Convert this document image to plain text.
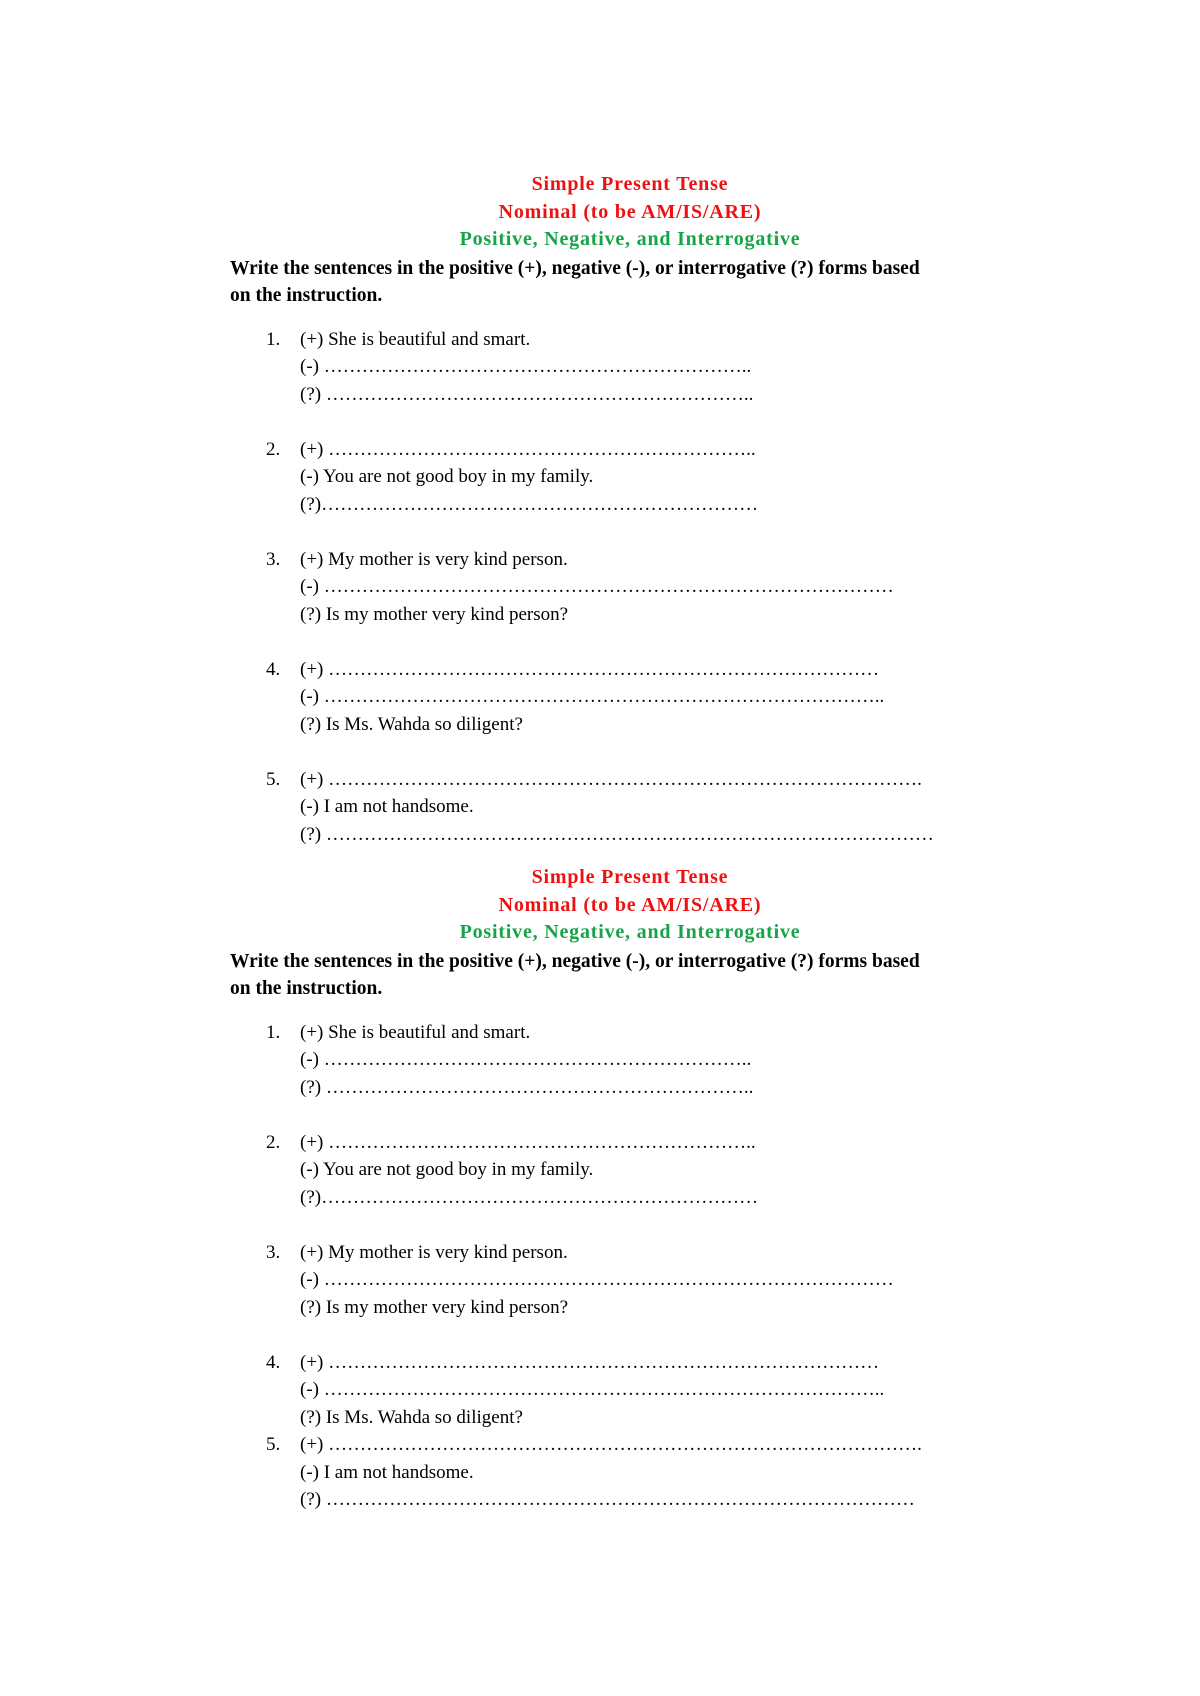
Simple Present Tense
Nominal (to be AM/IS/ARE)
Positive, Negative, and Interrogative
Write the sentences in the positive (+), negative (-), or interrogative (?) forms based
on the instruction.
1. (+) She is beautiful and smart.
(-) …………………………………………………………..
(?) …………………………………………………………..
2. (+) …………………………………………………………..
(-) You are not good boy in my family.
(?)……………………………………………………………
3. (+) My mother is very kind person.
(-) ………………………………………………………………………………
(?) Is my mother very kind person?
4. (+) ……………………………………………………………………………
(-) ……………………………………………………………………………..
(?) Is Ms. Wahda so diligent?
5. (+) ………………………………………………………………………………….
(-) I am not handsome.
(?) ……………………………………………………………………………………
Simple Present Tense
Nominal (to be AM/IS/ARE)
Positive, Negative, and Interrogative
Write the sentences in the positive (+), negative (-), or interrogative (?) forms based
on the instruction.
1. (+) She is beautiful and smart.
(-) …………………………………………………………..
(?) …………………………………………………………..
2. (+) …………………………………………………………..
(-) You are not good boy in my family.
(?)……………………………………………………………
3. (+) My mother is very kind person.
(-) ………………………………………………………………………………
(?) Is my mother very kind person?
4. (+) ……………………………………………………………………………
(-) ……………………………………………………………………………..
(?) Is Ms. Wahda so diligent?
5. (+) ………………………………………………………………………………….
(-) I am not handsome.
(?) …………………………………………………………………………………
